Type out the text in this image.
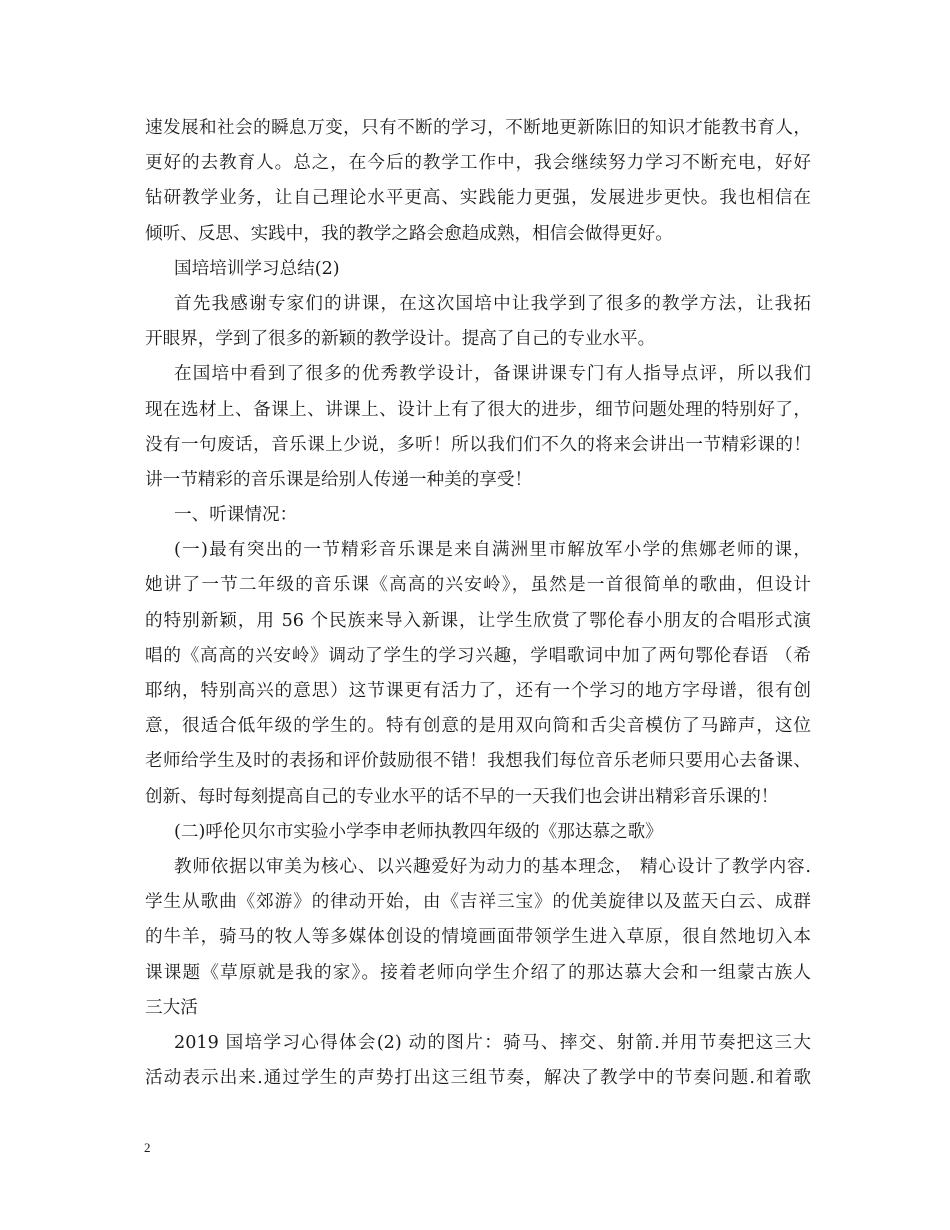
速发展和社会的瞬息万变，只有不断的学习，不断地更新陈旧的知识才能教书育人，
更好的去教育人。总之，在今后的教学工作中，我会继续努力学习不断充电，好好
钻研教学业务，让自己理论水平更高、实践能力更强，发展进步更快。我也相信在
倾听、反思、实践中，我的教学之路会愈趋成熟，相信会做得更好。
国培培训学习总结(2)
首先我感谢专家们的讲课，在这次国培中让我学到了很多的教学方法，让我拓
开眼界，学到了很多的新颖的教学设计。提高了自己的专业水平。
在国培中看到了很多的优秀教学设计，备课讲课专门有人指导点评，所以我们
现在选材上、备课上、讲课上、设计上有了很大的进步，细节问题处理的特别好了，
没有一句废话，音乐课上少说，多听！所以我们们不久的将来会讲出一节精彩课的！
讲一节精彩的音乐课是给别人传递一种美的享受！
一、听课情况：
(一)最有突出的一节精彩音乐课是来自满洲里市解放军小学的焦娜老师的课，
她讲了一节二年级的音乐课《高高的兴安岭》，虽然是一首很简单的歌曲，但设计
的特别新颖，用 56 个民族来导入新课，让学生欣赏了鄂伦春小朋友的合唱形式演
唱的《高高的兴安岭》调动了学生的学习兴趣，学唱歌词中加了两句鄂伦春语 （希
耶纳，特别高兴的意思）这节课更有活力了，还有一个学习的地方字母谱，很有创
意，很适合低年级的学生的。特有创意的是用双向筒和舌尖音模仿了马蹄声，这位
老师给学生及时的表扬和评价鼓励很不错！我想我们每位音乐老师只要用心去备课、
创新、每时每刻提高自己的专业水平的话不早的一天我们也会讲出精彩音乐课的！
(二)呼伦贝尔市实验小学李申老师执教四年级的《那达慕之歌》
教师依据以审美为核心、以兴趣爱好为动力的基本理念， 精心设计了教学内容.
学生从歌曲《郊游》的律动开始，由《吉祥三宝》的优美旋律以及蓝天白云、成群
的牛羊，骑马的牧人等多媒体创设的情境画面带领学生进入草原，很自然地切入本
课课题《草原就是我的家》。接着老师向学生介绍了的那达慕大会和一组蒙古族人
三大活
2019 国培学习心得体会(2) 动的图片：骑马、摔交、射箭.并用节奏把这三大
活动表示出来.通过学生的声势打出这三组节奏，解决了教学中的节奏问题.和着歌
2
